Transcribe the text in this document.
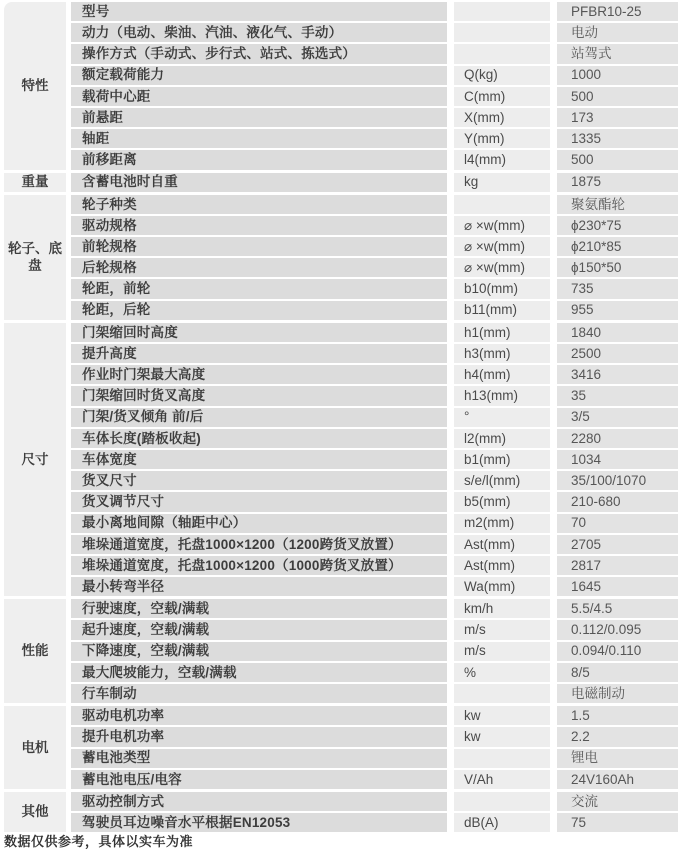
特性
型号	PFBR10-25
动力（电动、柴油、汽油、液化气、手动）	电动
操作方式（手动式、步行式、站式、拣选式）	站驾式
额定载荷能力	Q(kg)	1000
载荷中心距	C(mm)	500
前悬距	X(mm)	173
轴距	Y(mm)	1335
前移距离	l4(mm)	500
重量	含蓄电池时自重	kg	1875
轮子、底盘
轮子种类	聚氨酯轮
驱动规格	⌀ ×w(mm)	ϕ230*75
前轮规格	⌀ ×w(mm)	ϕ210*85
后轮规格	⌀ ×w(mm)	ϕ150*50
轮距，前轮	b10(mm)	735
轮距，后轮	b11(mm)	955
尺寸
门架缩回时高度	h1(mm)	1840
提升高度	h3(mm)	2500
作业时门架最大高度	h4(mm)	3416
门架缩回时货叉高度	h13(mm)	35
门架/货叉倾角 前/后	°	3/5
车体长度(踏板收起)	l2(mm)	2280
车体宽度	b1(mm)	1034
货叉尺寸	s/e/l(mm)	35/100/1070
货叉调节尺寸	b5(mm)	210-680
最小离地间隙（轴距中心）	m2(mm)	70
堆垛通道宽度，托盘1000×1200（1200跨货叉放置）	Ast(mm)	2705
堆垛通道宽度，托盘1000×1200（1000跨货叉放置）	Ast(mm)	2817
最小转弯半径	Wa(mm)	1645
性能
行驶速度，空载/满载	km/h	5.5/4.5
起升速度，空载/满载	m/s	0.112/0.095
下降速度，空载/满载	m/s	0.094/0.110
最大爬坡能力，空载/满载	%	8/5
行车制动	电磁制动
电机
驱动电机功率	kw	1.5
提升电机功率	kw	2.2
蓄电池类型	锂电
蓄电池电压/电容	V/Ah	24V160Ah
其他
驱动控制方式	交流
驾驶员耳边噪音水平根据EN12053	dB(A)	75
数据仅供参考，具体以实车为准
